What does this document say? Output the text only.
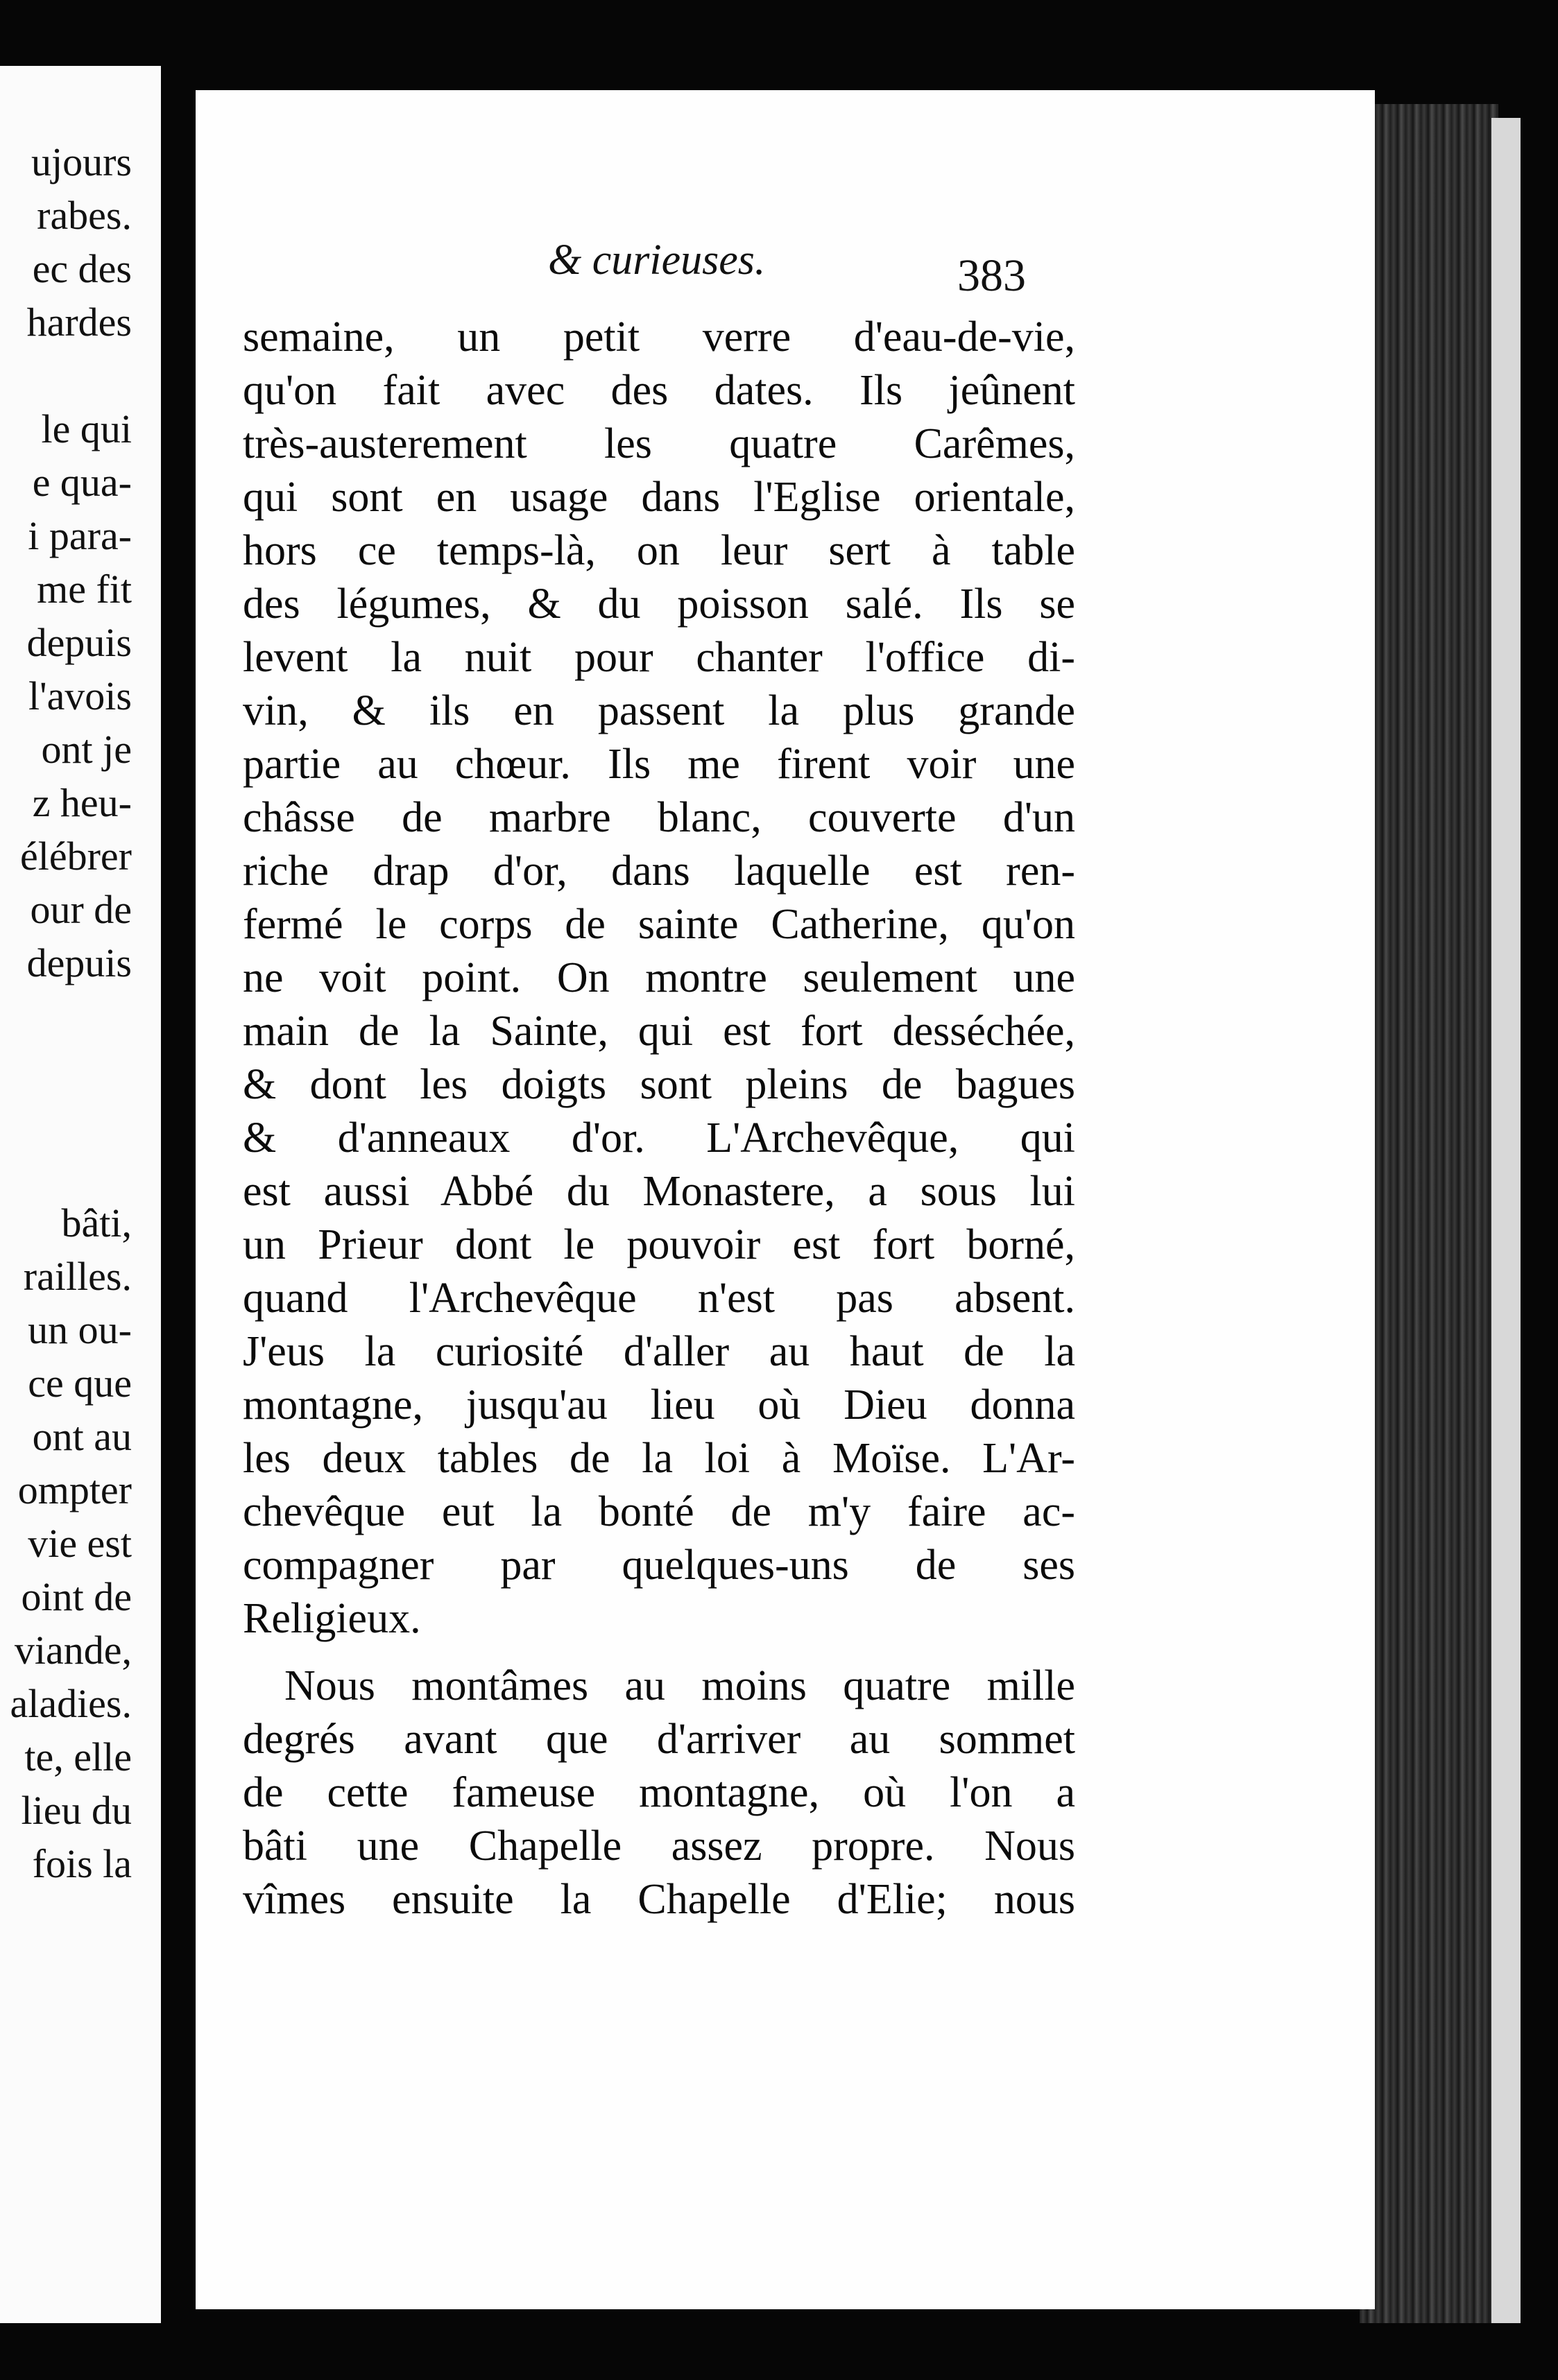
ujours
rabes.
ec des
hardes
le qui
e qua-
i para-
me fit
depuis
l'avois
ont je
z heu-
élébrer
our de
depuis
bâti,
railles.
un ou-
ce que
ont au
ompter
vie est
oint de
viande,
aladies.
te, elle
lieu du
fois la
& curieuses.	383
semaine, un petit verre d'eau-de-vie,
qu'on fait avec des dates. Ils jeûnent
très-austerement les quatre Carêmes,
qui sont en usage dans l'Eglise orientale,
hors ce temps-là, on leur sert à table
des légumes, & du poisson salé. Ils se
levent la nuit pour chanter l'office di-
vin, & ils en passent la plus grande
partie au chœur. Ils me firent voir une
châsse de marbre blanc, couverte d'un
riche drap d'or, dans laquelle est ren-
fermé le corps de sainte Catherine, qu'on
ne voit point. On montre seulement une
main de la Sainte, qui est fort desséchée,
& dont les doigts sont pleins de bagues
& d'anneaux d'or. L'Archevêque, qui
est aussi Abbé du Monastere, a sous lui
un Prieur dont le pouvoir est fort borné,
quand l'Archevêque n'est pas absent.
J'eus la curiosité d'aller au haut de la
montagne, jusqu'au lieu où Dieu donna
les deux tables de la loi à Moïse. L'Ar-
chevêque eut la bonté de m'y faire ac-
compagner par quelques-uns de ses
Religieux.
Nous montâmes au moins quatre mille
degrés avant que d'arriver au sommet
de cette fameuse montagne, où l'on a
bâti une Chapelle assez propre. Nous
vîmes ensuite la Chapelle d'Elie; nous
